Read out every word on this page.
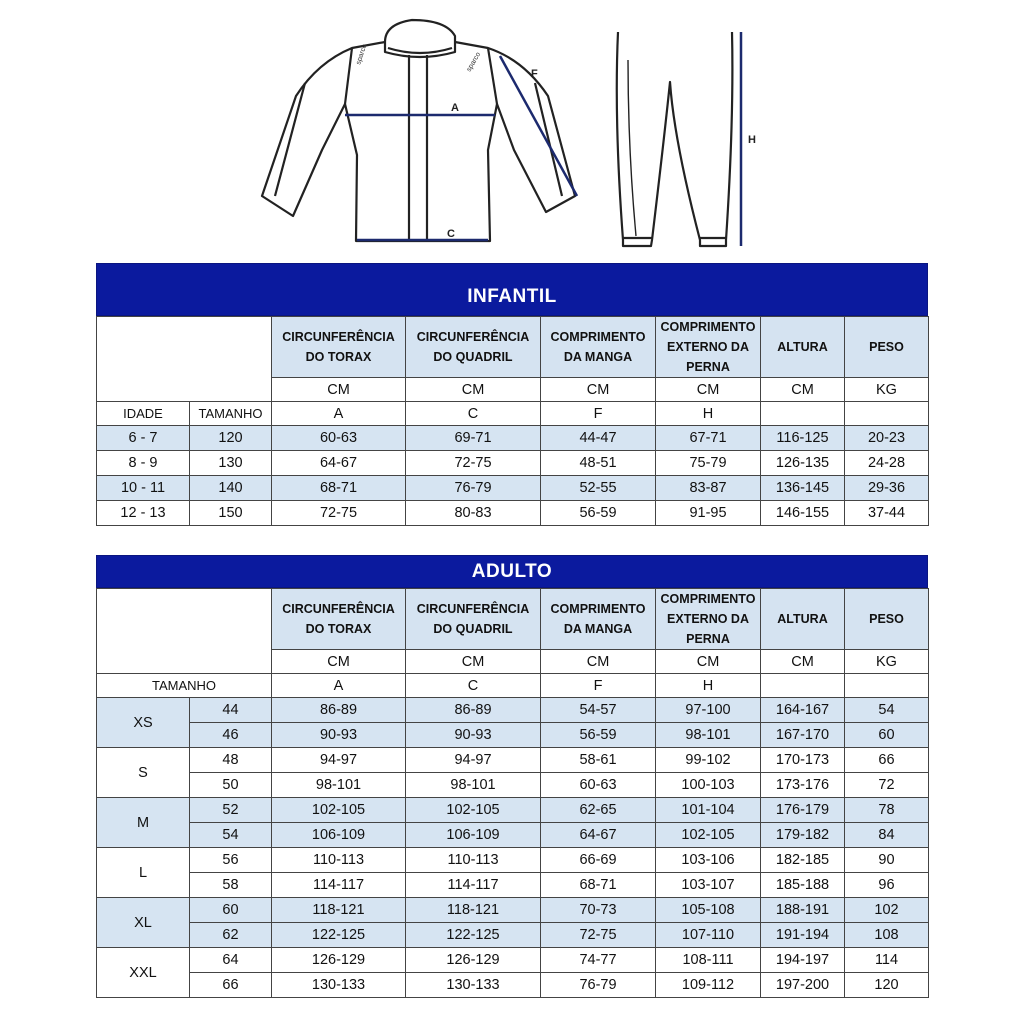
sparco	sparco
A
C
F
H
INFANTIL
		CIRCUNFERÊNCIA DO TORAX	CIRCUNFERÊNCIA DO QUADRIL	COMPRIMENTO DA MANGA	COMPRIMENTO EXTERNO DA PERNA	ALTURA	PESO
		CM	CM	CM	CM	CM	KG
IDADE	TAMANHO	A	C	F	H		
6 - 7	120	60-63	69-71	44-47	67-71	116-125	20-23
8 - 9	130	64-67	72-75	48-51	75-79	126-135	24-28
10 - 11	140	68-71	76-79	52-55	83-87	136-145	29-36
12 - 13	150	72-75	80-83	56-59	91-95	146-155	37-44
ADULTO
		CIRCUNFERÊNCIA DO TORAX	CIRCUNFERÊNCIA DO QUADRIL	COMPRIMENTO DA MANGA	COMPRIMENTO EXTERNO DA PERNA	ALTURA	PESO
		CM	CM	CM	CM	CM	KG
TAMANHO		A	C	F	H		
XS	44	86-89	86-89	54-57	97-100	164-167	54
	46	90-93	90-93	56-59	98-101	167-170	60
S	48	94-97	94-97	58-61	99-102	170-173	66
	50	98-101	98-101	60-63	100-103	173-176	72
M	52	102-105	102-105	62-65	101-104	176-179	78
	54	106-109	106-109	64-67	102-105	179-182	84
L	56	110-113	110-113	66-69	103-106	182-185	90
	58	114-117	114-117	68-71	103-107	185-188	96
XL	60	118-121	118-121	70-73	105-108	188-191	102
	62	122-125	122-125	72-75	107-110	191-194	108
XXL	64	126-129	126-129	74-77	108-111	194-197	114
	66	130-133	130-133	76-79	109-112	197-200	120
